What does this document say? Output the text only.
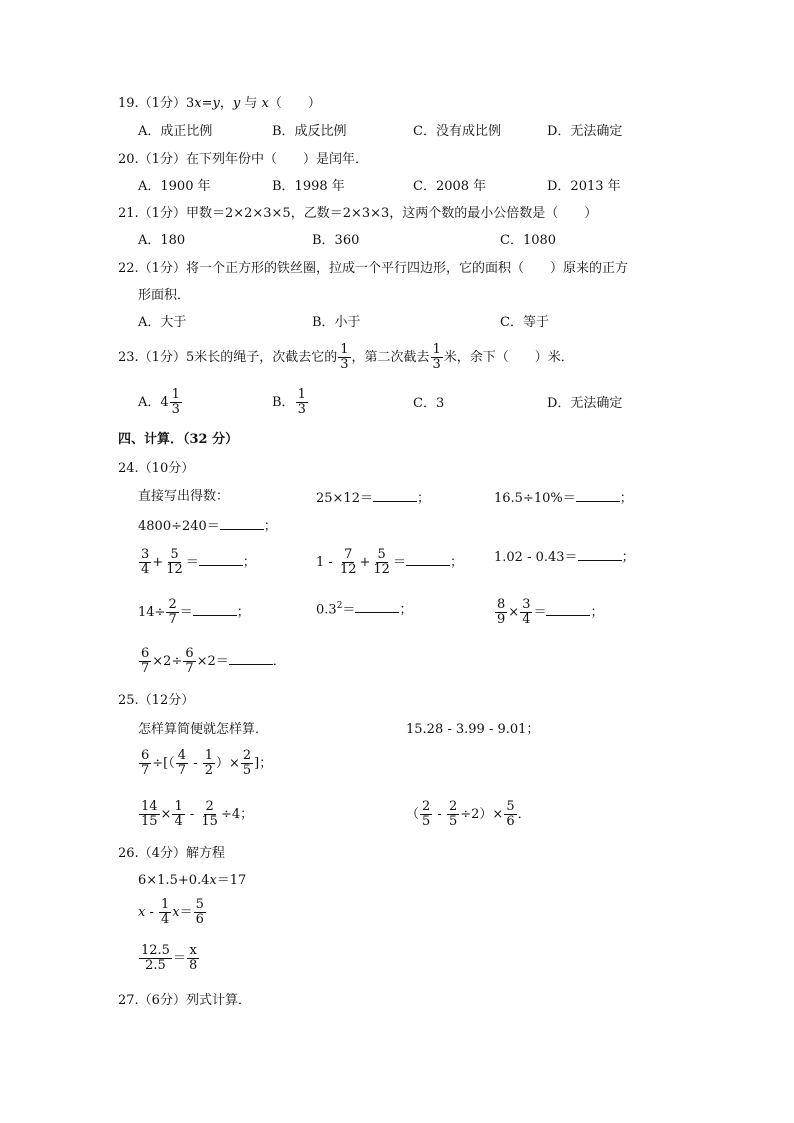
19.（1分）3x=y，y 与 x（　　）
A．成正比例	B．成反比例	C．没有成比例	D．无法确定
20.（1分）在下列年份中（　　）是闰年．
A．1900 年	B．1998 年	C．2008 年	D．2013 年
21.（1分）甲数＝2×2×3×5，乙数＝2×3×3，这两个数的最小公倍数是（　　）
A．180	B．360	C．1080
22.（1分）将一个正方形的铁丝圈，拉成一个平行四边形，它的面积（　　）原来的正方
形面积．
A．大于	B．小于	C．等于
23.（1分）5米长的绳子，次截去它的 $\frac{1}{3}$ ，第二次截去 $\frac{1}{3}$ 米，余下（　　）米．
A．$4 \frac{1}{3}$	B． $\frac{1}{3}$	C．3	D．无法确定
四、计算．（32 分）
24.（10分）
直接写出得数：	25×12＝	；	16.5÷10%＝	；
4800÷240＝	；
$\frac{3}{4} + \frac{5}{12}$ ＝	；	$1 - \frac{7}{12} + \frac{5}{12}$ ＝	； 1.02 - 0.43＝	；
$14\div \frac{2}{7}$ ＝	；	$0.3^2=$	；	$\frac{8}{9} \times \frac{3}{4}$ ＝	；
$\frac{6}{7} \times 2\div \frac{6}{7} \times 2=$	．
25.（12分）
怎样算简便就怎样算．	15.28 - 3.99 - 9.01；
$\frac{6}{7}$ ÷[（ $\frac{4}{7} - \frac{1}{2}$ ）× $\frac{2}{5}$ ]；
$\frac{14}{15} \times \frac{1}{4} - \frac{2}{15} \div 4$；	（ $\frac{2}{5} - \frac{2}{5} \div 2)\times \frac{5}{6}$ ．
26.（4分）解方程
6×1.5+0.4x＝17
$x - \frac{1}{4} x= \frac{5}{6}$
$\frac{12.5}{2.5} = \frac{x}{8}$
27.（6分）列式计算．
